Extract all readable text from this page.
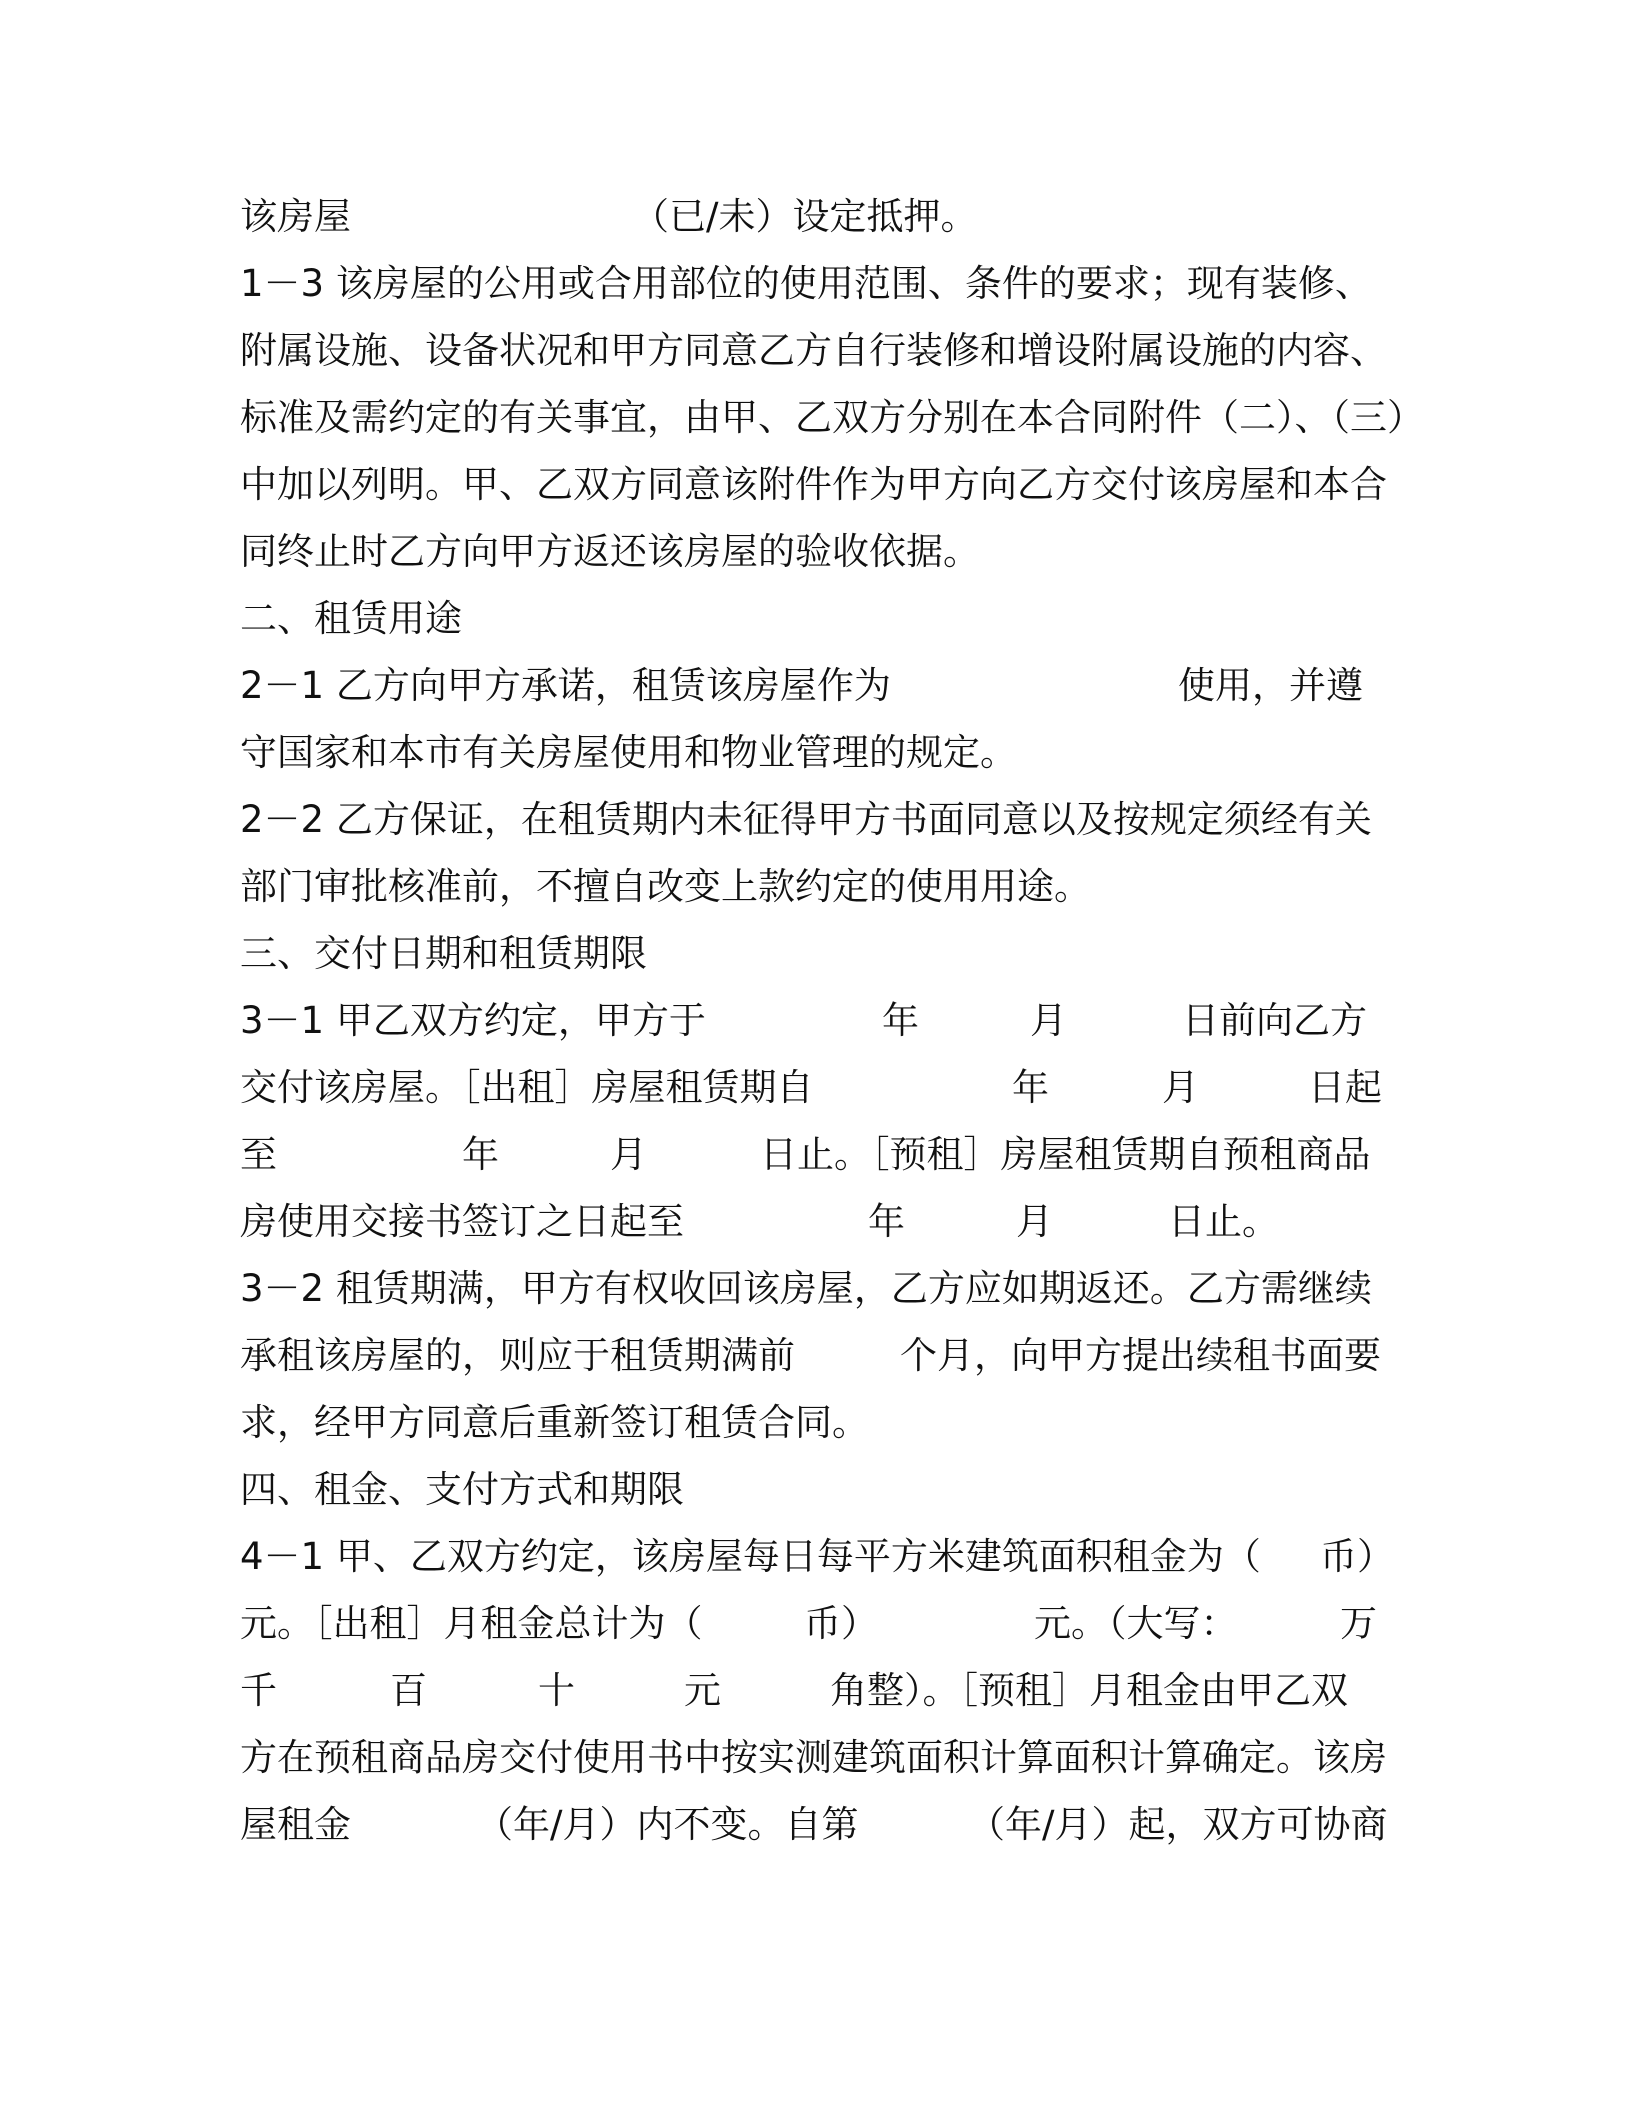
该房屋

	（已/未）设定抵押。

1－3 该房屋的公用或合用部位的使用范围、条件的要求；现有装修、

附属设施、设备状况和甲方同意乙方自行装修和增设附属设施的内容、

标准及需约定的有关事宜，由甲、乙双方分别在本合同附件（二）、（三）

中加以列明。甲、乙双方同意该附件作为甲方向乙方交付该房屋和本合

同终止时乙方向甲方返还该房屋的验收依据。

二、租赁用途

2－1 乙方向甲方承诺，租赁该房屋作为

	使用，并遵

守国家和本市有关房屋使用和物业管理的规定。

2－2 乙方保证，在租赁期内未征得甲方书面同意以及按规定须经有关

部门审批核准前，不擅自改变上款约定的使用用途。

三、交付日期和租赁期限

3－1 甲乙双方约定，甲方于

	年

	月

	日前向乙方

交付该房屋。［出租］房屋租赁期自

	年

	月

	日起

至

	年

	月

	日止。［预租］房屋租赁期自预租商品

房使用交接书签订之日起至

	年

	月

	日止。

3－2 租赁期满，甲方有权收回该房屋，乙方应如期返还。乙方需继续

承租该房屋的，则应于租赁期满前

	个月，向甲方提出续租书面要

求，经甲方同意后重新签订租赁合同。

四、租金、支付方式和期限

4－1 甲、乙双方约定，该房屋每日每平方米建筑面积租金为（

币）

元。［出租］月租金总计为（

	币）

	元。（大写：

	万

千

	百

	十

	元

	角整）。［预租］月租金由甲乙双

方在预租商品房交付使用书中按实测建筑面积计算面积计算确定。该房

屋租金

	（年/月）内不变。自第

	（年/月）起，双方可协商
